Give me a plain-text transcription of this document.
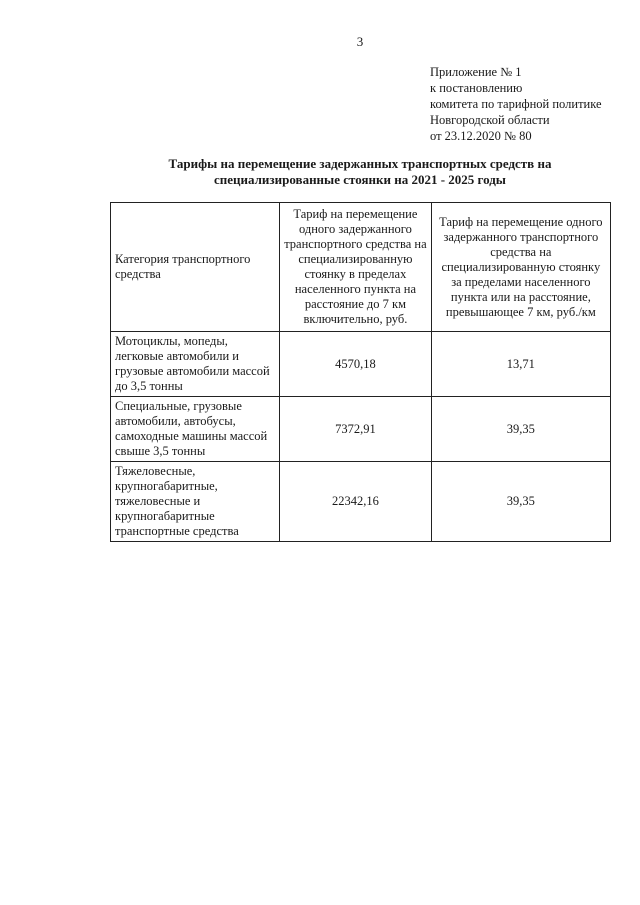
3
Приложение № 1
к постановлению
комитета по тарифной политике
Новгородской области
от 23.12.2020 № 80
Тарифы на перемещение задержанных транспортных средств на
специализированные стоянки на 2021 - 2025 годы
Категория транспортного средства	Тариф на перемещение одного задержанного транспортного средства на специализированную стоянку в пределах населенного пункта на расстояние до 7 км включительно, руб.	Тариф на перемещение одного задержанного транспортного средства на специализированную стоянку за пределами населенного пункта или на расстояние, превышающее 7 км, руб./км
Мотоциклы, мопеды, легковые автомобили и грузовые автомобили массой до 3,5 тонны	4570,18	13,71
Специальные, грузовые автомобили, автобусы, самоходные машины массой свыше 3,5 тонны	7372,91	39,35
Тяжеловесные, крупногабаритные, тяжеловесные и крупногабаритные транспортные средства	22342,16	39,35
